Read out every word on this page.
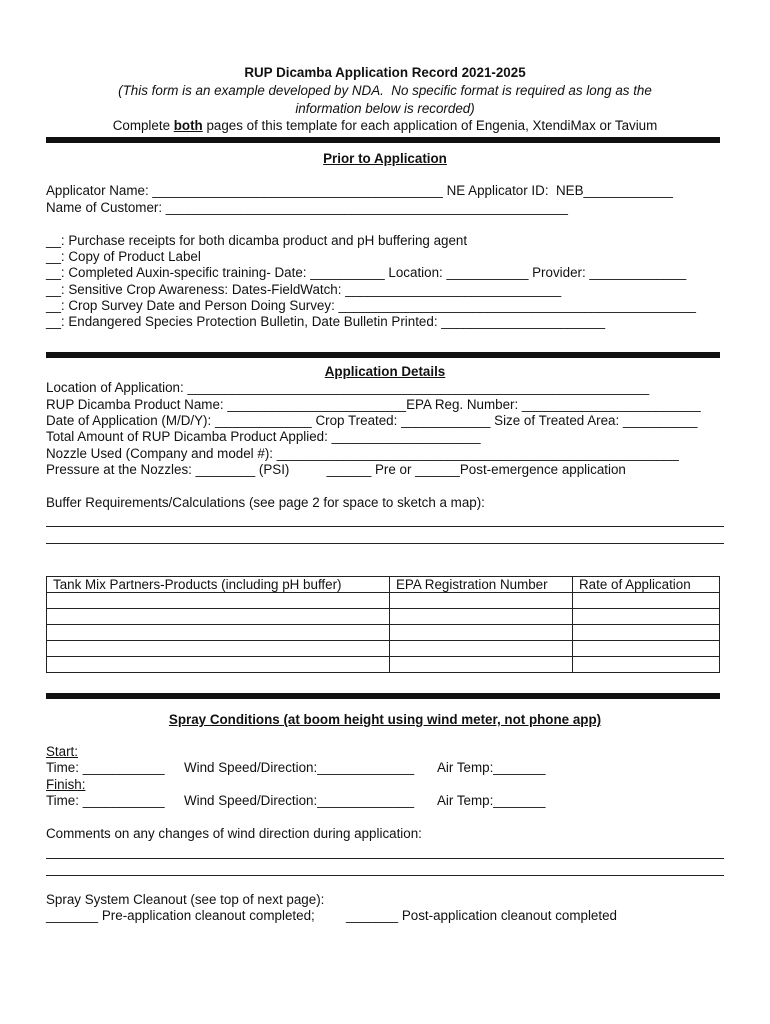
RUP Dicamba Application Record 2021-2025
(This form is an example developed by NDA.  No specific format is required as long as the
information below is recorded)
Complete both pages of this template for each application of Engenia, XtendiMax or Tavium
Prior to Application
Applicator Name: _______________________________________ NE Applicator ID:  NEB____________
Name of Customer: ______________________________________________________
__: Purchase receipts for both dicamba product and pH buffering agent
__: Copy of Product Label
__: Completed Auxin-specific training- Date: __________ Location: ___________ Provider: _____________
__: Sensitive Crop Awareness: Dates-FieldWatch: _____________________________
__: Crop Survey Date and Person Doing Survey: ________________________________________________
__: Endangered Species Protection Bulletin, Date Bulletin Printed: ______________________
Application Details
Location of Application: ______________________________________________________________
RUP Dicamba Product Name: ________________________EPA Reg. Number: ________________________
Date of Application (M/D/Y): _____________ Crop Treated: ____________ Size of Treated Area: __________
Total Amount of RUP Dicamba Product Applied: ____________________
Nozzle Used (Company and model #): ______________________________________________________
Pressure at the Nozzles: ________ (PSI)          ______ Pre or ______Post-emergence application
Buffer Requirements/Calculations (see page 2 for space to sketch a map):
Tank Mix Partners-Products (including pH buffer)	EPA Registration Number	Rate of Application

Spray Conditions (at boom height using wind meter, not phone app)
Start:
Time: ___________ Wind Speed/Direction:_____________ Air Temp:_______
Finish:
Time: ___________ Wind Speed/Direction:_____________ Air Temp:_______
Comments on any changes of wind direction during application:
Spray System Cleanout (see top of next page):
_______ Pre-application cleanout completed; _______ Post-application cleanout completed
